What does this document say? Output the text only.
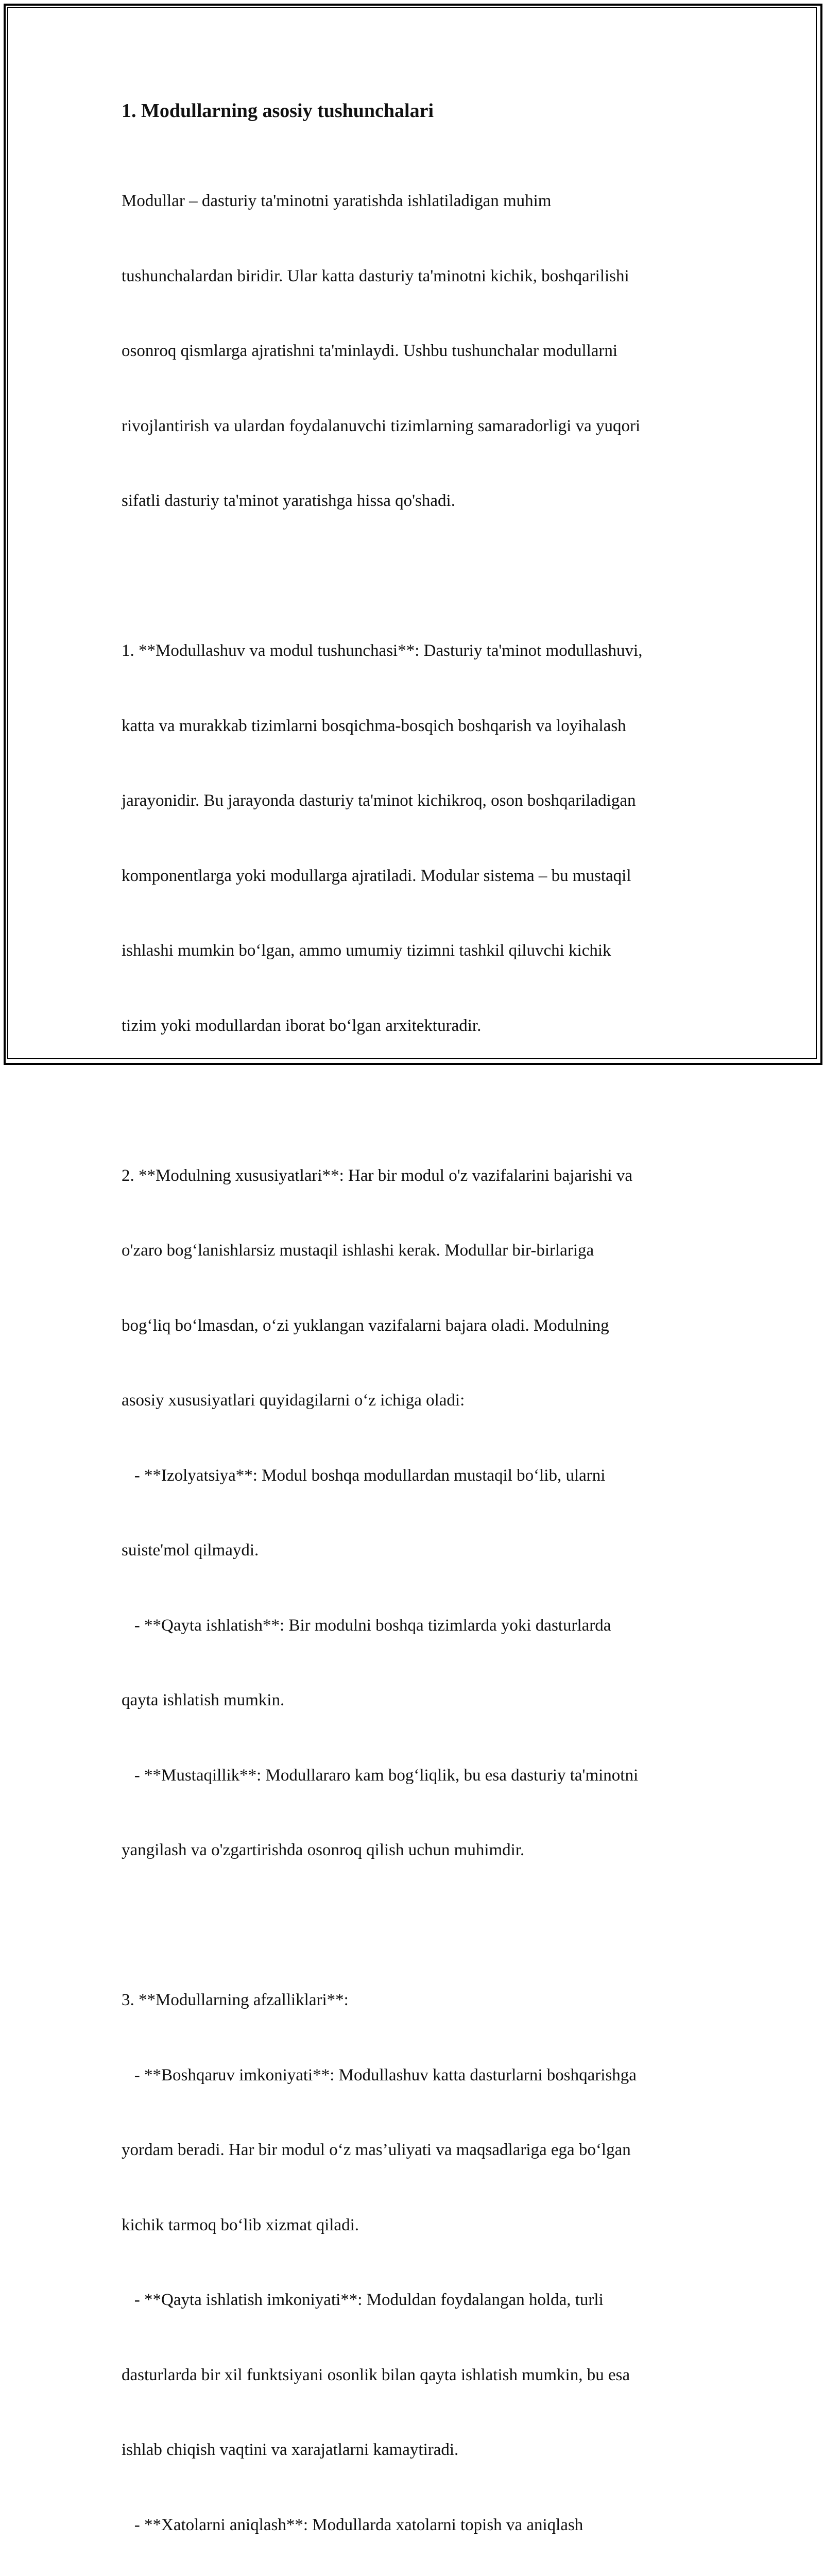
1. Modullarning asosiy tushunchalari

Modullar – dasturiy ta'minotni yaratishda ishlatiladigan muhim

tushunchalardan biridir. Ular katta dasturiy ta'minotni kichik, boshqarilishi

osonroq qismlarga ajratishni ta'minlaydi. Ushbu tushunchalar modullarni

rivojlantirish va ulardan foydalanuvchi tizimlarning samaradorligi va yuqori

sifatli dasturiy ta'minot yaratishga hissa qo'shadi.

1. **Modullashuv va modul tushunchasi**: Dasturiy ta'minot modullashuvi,

katta va murakkab tizimlarni bosqichma-bosqich boshqarish va loyihalash

jarayonidir. Bu jarayonda dasturiy ta'minot kichikroq, oson boshqariladigan

komponentlarga yoki modullarga ajratiladi. Modular sistema – bu mustaqil

ishlashi mumkin bo‘lgan, ammo umumiy tizimni tashkil qiluvchi kichik

tizim yoki modullardan iborat bo‘lgan arxitekturadir.

2. **Modulning xususiyatlari**: Har bir modul o'z vazifalarini bajarishi va

o'zaro bog‘lanishlarsiz mustaqil ishlashi kerak. Modullar bir-birlariga

bog‘liq bo‘lmasdan, o‘zi yuklangan vazifalarni bajara oladi. Modulning

asosiy xususiyatlari quyidagilarni o‘z ichiga oladi:

- **Izolyatsiya**: Modul boshqa modullardan mustaqil bo‘lib, ularni

suiste'mol qilmaydi.

- **Qayta ishlatish**: Bir modulni boshqa tizimlarda yoki dasturlarda

qayta ishlatish mumkin.

- **Mustaqillik**: Modullararo kam bog‘liqlik, bu esa dasturiy ta'minotni

yangilash va o'zgartirishda osonroq qilish uchun muhimdir.

3. **Modullarning afzalliklari**:

- **Boshqaruv imkoniyati**: Modullashuv katta dasturlarni boshqarishga

yordam beradi. Har bir modul o‘z mas’uliyati va maqsadlariga ega bo‘lgan

kichik tarmoq bo‘lib xizmat qiladi.

- **Qayta ishlatish imkoniyati**: Moduldan foydalangan holda, turli

dasturlarda bir xil funktsiyani osonlik bilan qayta ishlatish mumkin, bu esa

ishlab chiqish vaqtini va xarajatlarni kamaytiradi.

- **Xatolarni aniqlash**: Modullarda xatolarni topish va aniqlash
